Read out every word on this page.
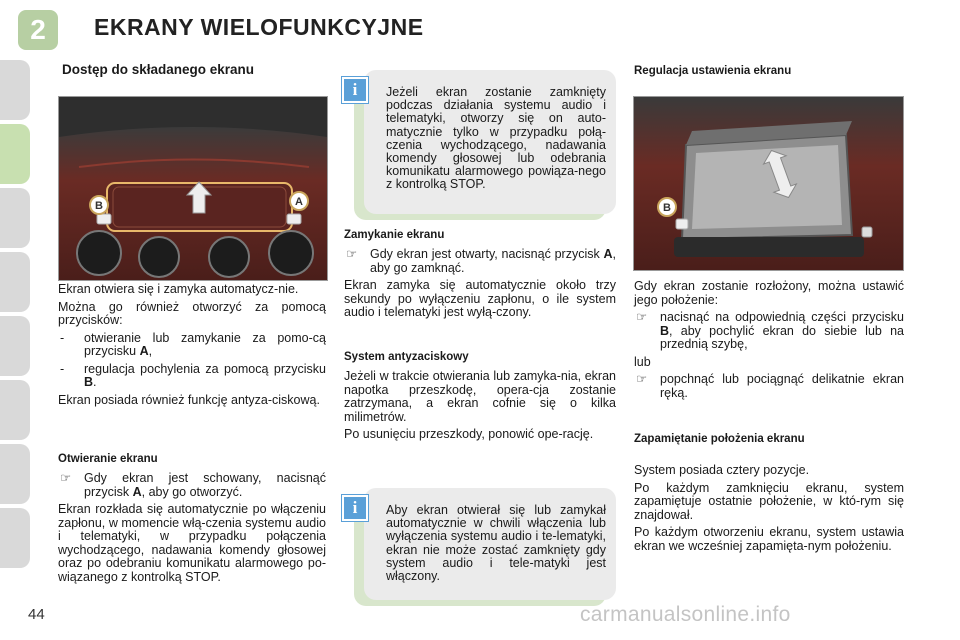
2	EKRANY WIELOFUNKCYJNE
Dostęp do składanego ekranu
B	A

Ekran otwiera się i zamyka automatycz-nie.

Można go również otworzyć za pomocą przycisków:

-	otwieranie lub zamykanie za pomo-cą przycisku A,
-	regulacja pochylenia za pomocą przycisku B.

Ekran posiada również funkcję antyza-ciskową.

Otwieranie ekranu
☞	Gdy ekran jest schowany, nacisnąć przycisk A, aby go otworzyć.

Ekran rozkłada się automatycznie po włączeniu zapłonu, w momencie włą-czenia systemu audio i telematyki, w przypadku połączenia wychodzącego, nadawania komendy głosowej oraz po odebraniu komunikatu alarmowego po-wiązanego z kontrolką STOP.

Jeżeli ekran zostanie zamknięty podczas działania systemu audio i telematyki, otworzy się on auto-matycznie tylko w przypadku połą-czenia wychodzącego, nadawania komendy głosowej lub odebrania komunikatu alarmowego powiąza-nego z kontrolką STOP.
i
Zamykanie ekranu
☞	Gdy ekran jest otwarty, nacisnąć przycisk A, aby go zamknąć.

Ekran zamyka się automatycznie około trzy sekundy po wyłączeniu zapłonu, o ile system audio i telematyki jest wyłą-czony.

System antyzaciskowy

Jeżeli w trakcie otwierania lub zamyka-nia, ekran napotka przeszkodę, opera-cja zostanie zatrzymana, a ekran cofnie się o kilka milimetrów.

Po usunięciu przeszkody, ponowić ope-rację.

Aby ekran otwierał się lub zamykał automatycznie w chwili włączenia lub wyłączenia systemu audio i te-lematyki, ekran nie może zostać zamknięty gdy system audio i tele-matyki jest włączony.
i
Regulacja ustawienia ekranu
B

Gdy ekran zostanie rozłożony, można ustawić jego położenie:

☞	nacisnąć na odpowiednią części przycisku B, aby pochylić ekran do siebie lub na przednią szybę,

lub

☞	popchnąć lub pociągnąć delikatnie ekran ręką.
Zapamiętanie położenia ekranu

System posiada cztery pozycje.

Po każdym zamknięciu ekranu, system zapamiętuje ostatnie położenie, w któ-rym się znajdował.

Po każdym otworzeniu ekranu, system ustawia ekran we wcześniej zapamięta-nym położeniu.

44	carmanualsonline.info
